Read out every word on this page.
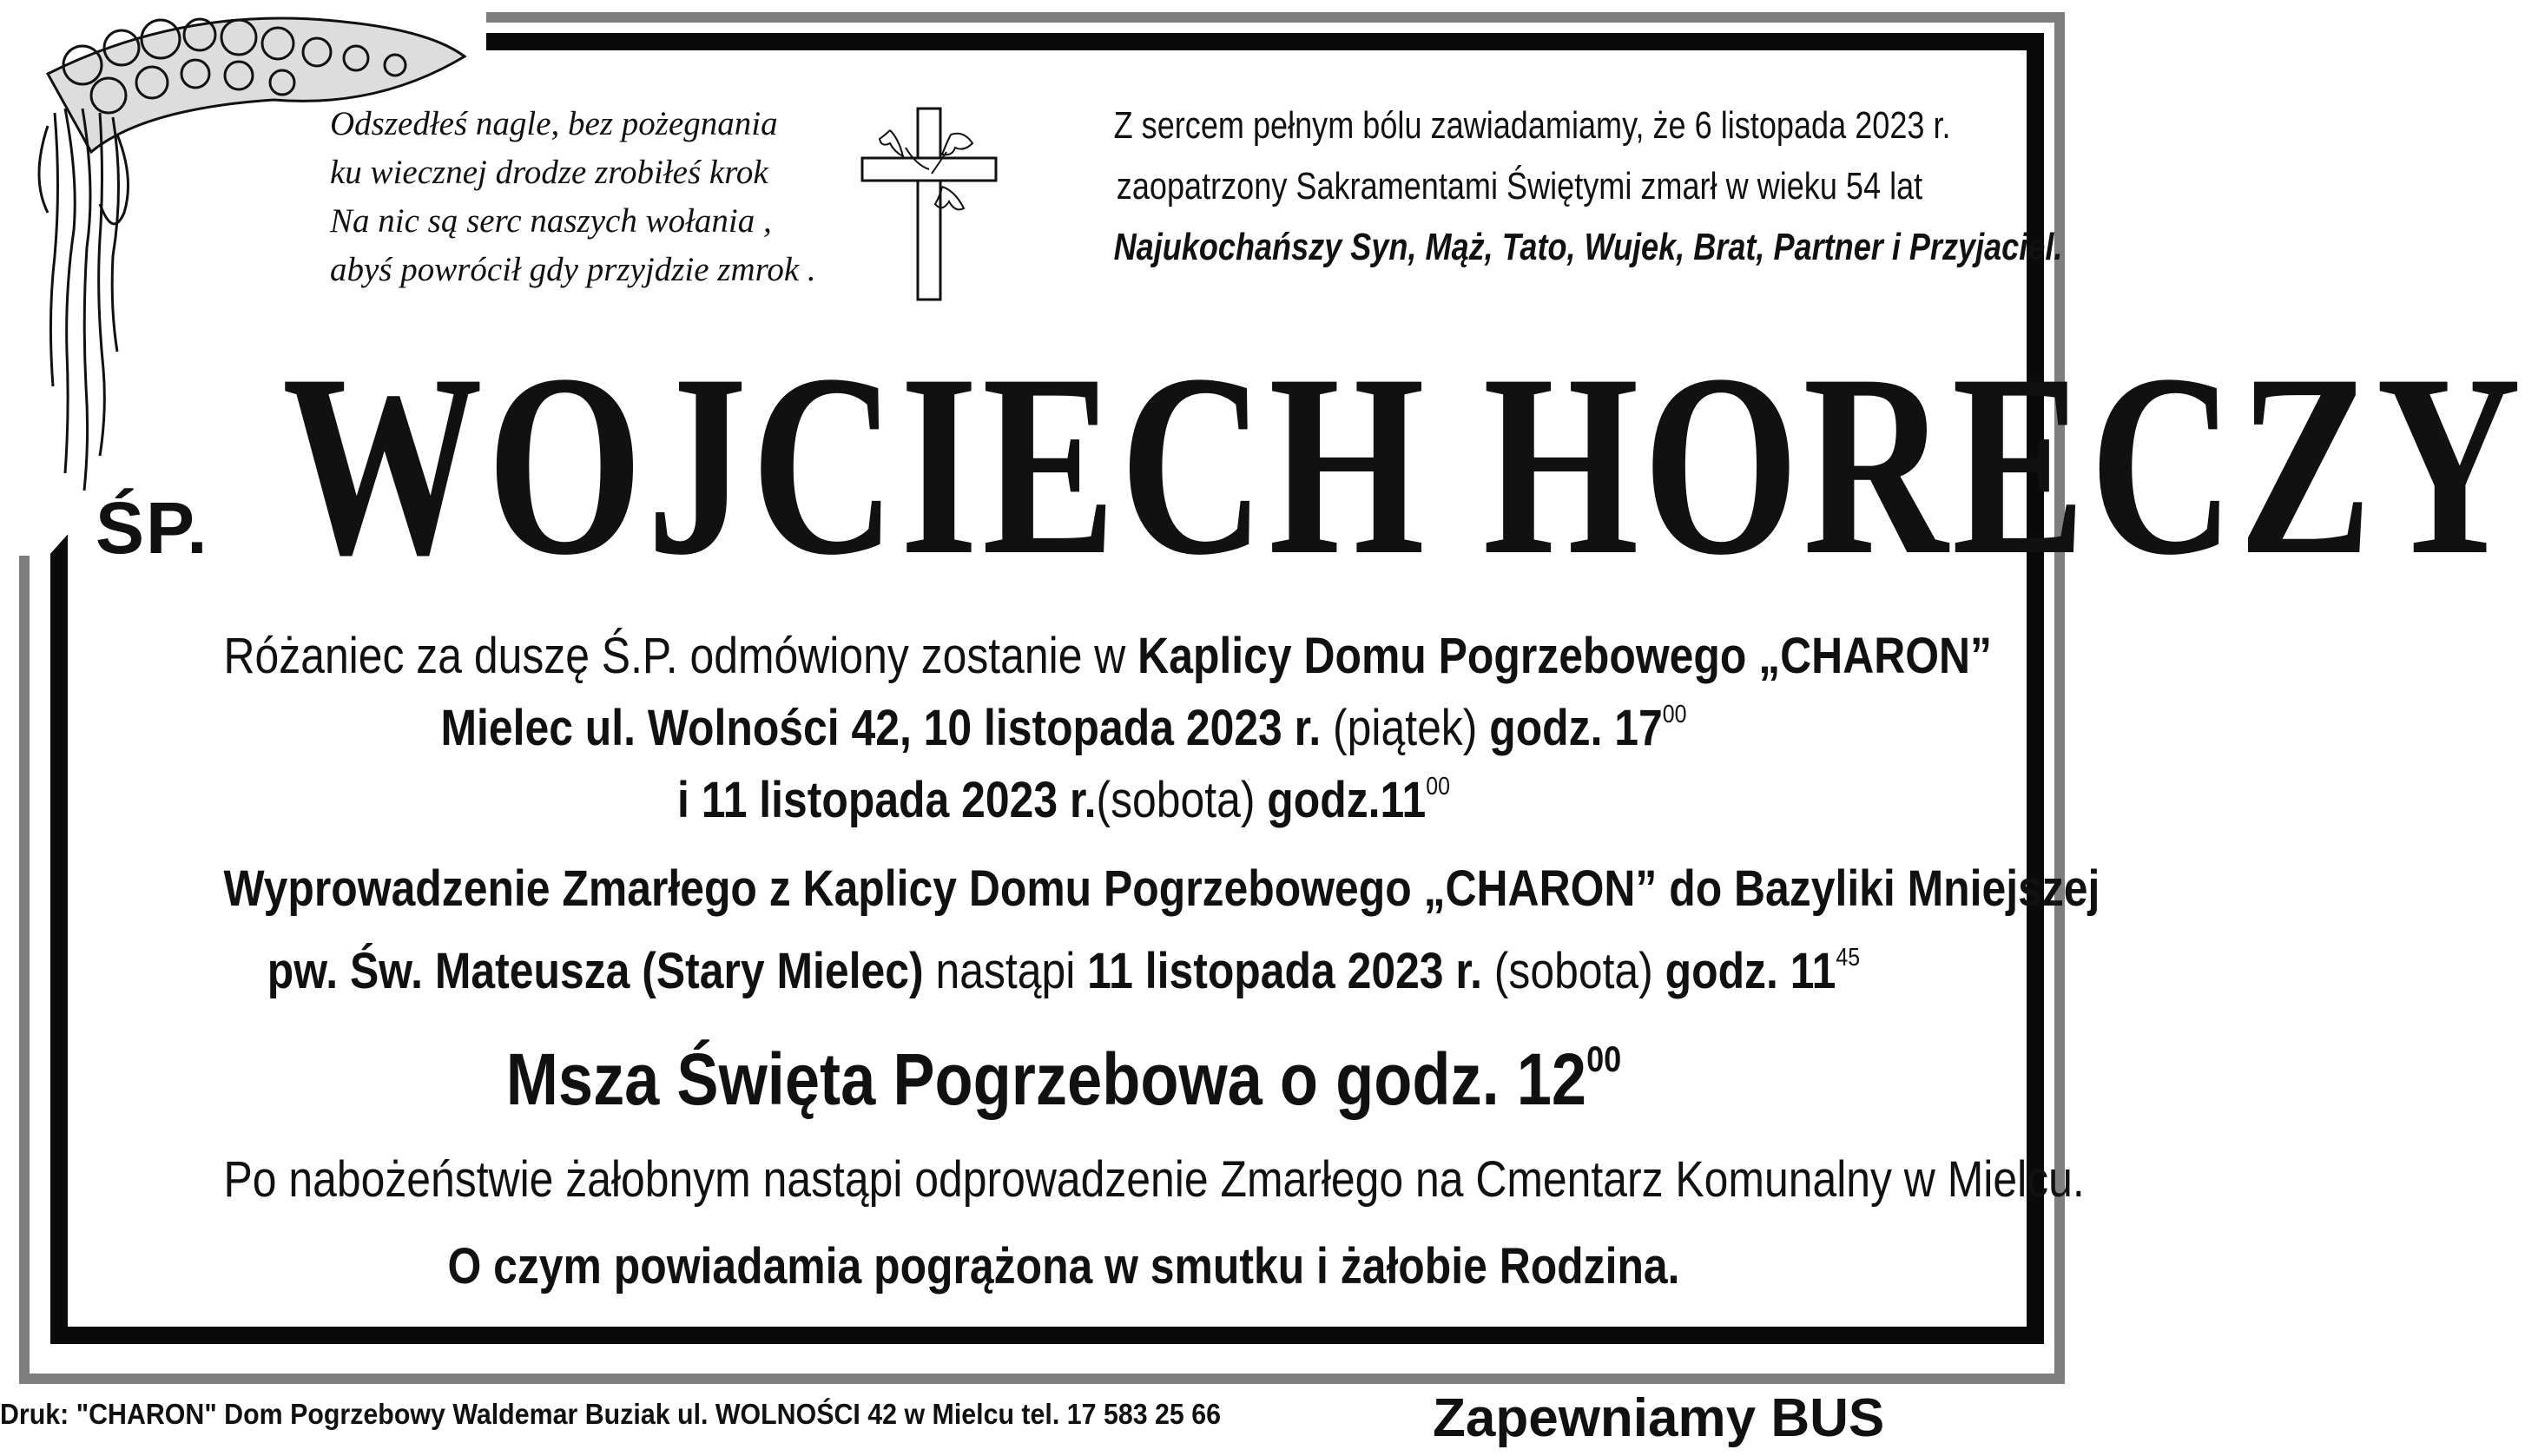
Odszedłeś nagle, bez pożegnania
ku wiecznej drodze zrobiłeś krok
Na nic są serc naszych wołania ,
abyś powrócił gdy przyjdzie zmrok .
Z sercem pełnym bólu zawiadamiamy, że 6 listopada 2023 r.
zaopatrzony Sakramentami Świętymi zmarł w wieku 54 lat
Najukochańszy Syn, Mąż, Tato, Wujek, Brat, Partner i Przyjaciel.
ŚP. WOJCIECH HORECZY
Różaniec za duszę Ś.P. odmówiony zostanie w Kaplicy Domu Pogrzebowego „CHARON”
Mielec ul. Wolności 42, 10 listopada 2023 r. (piątek) godz. $17^{00}$
i 11 listopada 2023 r.(sobota) $godz.11^{00}$
Wyprowadzenie Zmarłego z Kaplicy Domu Pogrzebowego „CHARON” do Bazyliki Mniejszej
pw. Św. Mateusza (Stary Mielec) nastąpi 11 listopada 2023 r. (sobota) godz. $11^{45}$
Msza Święta Pogrzebowa o godz. $12^{00}$
Po nabożeństwie żałobnym nastąpi odprowadzenie Zmarłego na Cmentarz Komunalny w Mielcu.
O czym powiadamia pogrążona w smutku i żałobie Rodzina.
Druk: "CHARON" Dom Pogrzebowy Waldemar Buziak ul. WOLNOŚCI 42 w Mielcu tel. 17 583 25 66	Zapewniamy BUS
